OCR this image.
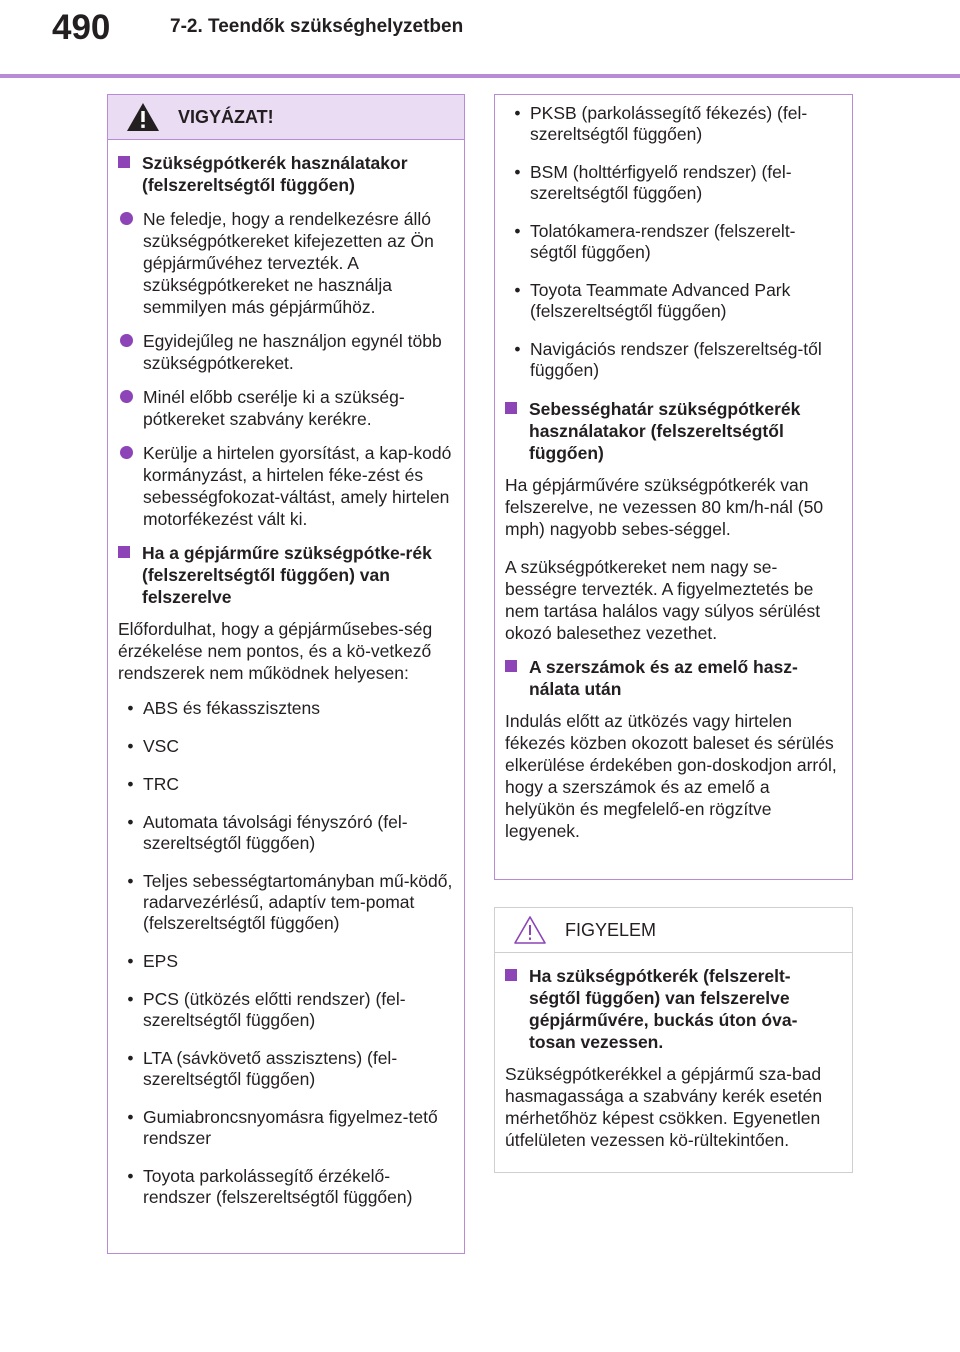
490	7-2. Teendők szükséghelyzetben
VIGYÁZAT!
Szükségpótkerék használatakor (felszereltségtől függően)
Ne feledje, hogy a rendelkezésre álló szükségpótkereket kifejezetten az Ön gépjárművéhez tervezték. A szükségpótkereket ne használja semmilyen más gépjárműhöz.
Egyidejűleg ne használjon egynél több szükségpótkereket.
Minél előbb cserélje ki a szükség-pótkereket szabvány kerékre.
Kerülje a hirtelen gyorsítást, a kap-kodó kormányzást, a hirtelen féke-zést és sebességfokozat-váltást, amely hirtelen motorfékezést vált ki.
Ha a gépjárműre szükségpótke-rék (felszereltségtől függően) van felszerelve

Előfordulhat, hogy a gépjárműsebes-ség érzékelése nem pontos, és a kö-vetkező rendszerek nem működnek helyesen:

• ABS és fékasszisztens
• VSC
• TRC
• Automata távolsági fényszóró (fel-szereltségtől függően)
• Teljes sebességtartományban mű-ködő, radarvezérlésű, adaptív tem-pomat (felszereltségtől függően)
• EPS
• PCS (ütközés előtti rendszer) (fel-szereltségtől függően)
• LTA (sávkövető asszisztens) (fel-szereltségtől függően)
• Gumiabroncsnyomásra figyelmez-tető rendszer
• Toyota parkolássegítő érzékelő-rendszer (felszereltségtől függően)
• PKSB (parkolássegítő fékezés) (fel-szereltségtől függően)
• BSM (holttérfigyelő rendszer) (fel-szereltségtől függően)
• Tolatókamera-rendszer (felszerelt-ségtől függően)
• Toyota Teammate Advanced Park (felszereltségtől függően)
• Navigációs rendszer (felszereltség-től függően)
Sebességhatár szükségpótkerék használatakor (felszereltségtől függően)

Ha gépjárművére szükségpótkerék van felszerelve, ne vezessen 80 km/h-nál (50 mph) nagyobb sebes-séggel.

A szükségpótkereket nem nagy se-bességre tervezték. A figyelmeztetés be nem tartása halálos vagy súlyos sérülést okozó balesethez vezethet.

A szerszámok és az emelő hasz-nálata után

Indulás előtt az ütközés vagy hirtelen fékezés közben okozott baleset és sérülés elkerülése érdekében gon-doskodjon arról, hogy a szerszámok és az emelő a helyükön és megfelelő-en rögzítve legyenek.

FIGYELEM
Ha szükségpótkerék (felszerelt-ségtől függően) van felszerelve gépjárművére, buckás úton óva-tosan vezessen.

Szükségpótkerékkel a gépjármű sza-bad hasmagassága a szabvány kerék esetén mérhetőhöz képest csökken. Egyenetlen útfelületen vezessen kö-rültekintően.
